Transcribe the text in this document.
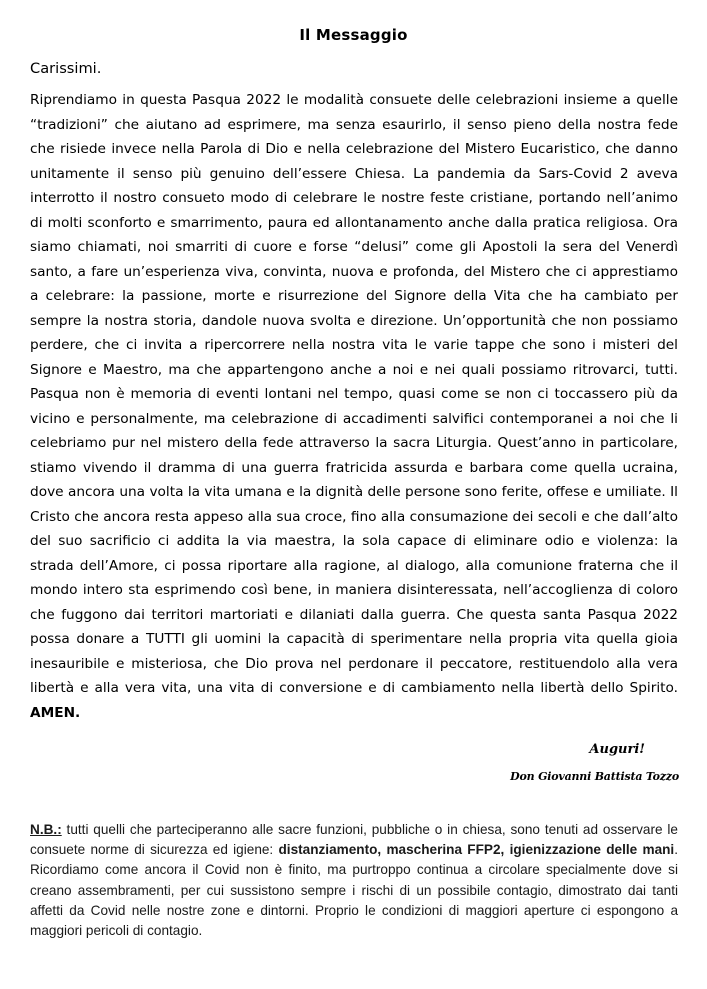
Il Messaggio
Carissimi.

Riprendiamo in questa Pasqua 2022 le modalità consuete delle celebrazioni insieme a quelle “tradizioni” che aiutano ad esprimere, ma senza esaurirlo, il senso pieno della nostra fede che risiede invece nella Parola di Dio e nella celebrazione del Mistero Eucaristico, che danno unitamente il senso più genuino dell’essere Chiesa. La pandemia da Sars-Covid 2 aveva interrotto il nostro consueto modo di celebrare le nostre feste cristiane, portando nell’animo di molti sconforto e smarrimento, paura ed allontanamento anche dalla pratica religiosa. Ora siamo chiamati, noi smarriti di cuore e forse “delusi” come gli Apostoli la sera del Venerdì santo, a fare un’esperienza viva, convinta, nuova e profonda, del Mistero che ci apprestiamo a celebrare: la passione, morte e risurrezione del Signore della Vita che ha cambiato per sempre la nostra storia, dandole nuova svolta e direzione. Un’opportunità che non possiamo perdere, che ci invita a ripercorrere nella nostra vita le varie tappe che sono i misteri del Signore e Maestro, ma che appartengono anche a noi e nei quali possiamo ritrovarci, tutti. Pasqua non è memoria di eventi lontani nel tempo, quasi come se non ci toccassero più da vicino e personalmente, ma celebrazione di accadimenti salvifici contemporanei a noi che li celebriamo pur nel mistero della fede attraverso la sacra Liturgia. Quest’anno in particolare, stiamo vivendo il dramma di una guerra fratricida assurda e barbara come quella ucraina, dove ancora una volta la vita umana e la dignità delle persone sono ferite, offese e umiliate. Il Cristo che ancora resta appeso alla sua croce, fino alla consumazione dei secoli e che dall’alto del suo sacrificio ci addita la via maestra, la sola capace di eliminare odio e violenza: la strada dell’Amore, ci possa riportare alla ragione, al dialogo, alla comunione fraterna che il mondo intero sta esprimendo così bene, in maniera disinteressata, nell’accoglienza di coloro che fuggono dai territori martoriati e dilaniati dalla guerra. Che questa santa Pasqua 2022 possa donare a TUTTI gli uomini la capacità di sperimentare nella propria vita quella gioia inesauribile e misteriosa, che Dio prova nel perdonare il peccatore, restituendolo alla vera libertà e alla vera vita, una vita di conversione e di cambiamento nella libertà dello Spirito. AMEN.

Auguri!
Don Giovanni Battista Tozzo

N.B.: tutti quelli che parteciperanno alle sacre funzioni, pubbliche o in chiesa, sono tenuti ad osservare le consuete norme di sicurezza ed igiene: distanziamento, mascherina FFP2, igienizzazione delle mani. Ricordiamo come ancora il Covid non è finito, ma purtroppo continua a circolare specialmente dove si creano assembramenti, per cui sussistono sempre i rischi di un possibile contagio, dimostrato dai tanti affetti da Covid nelle nostre zone e dintorni. Proprio le condizioni di maggiori aperture ci espongono a maggiori pericoli di contagio.
